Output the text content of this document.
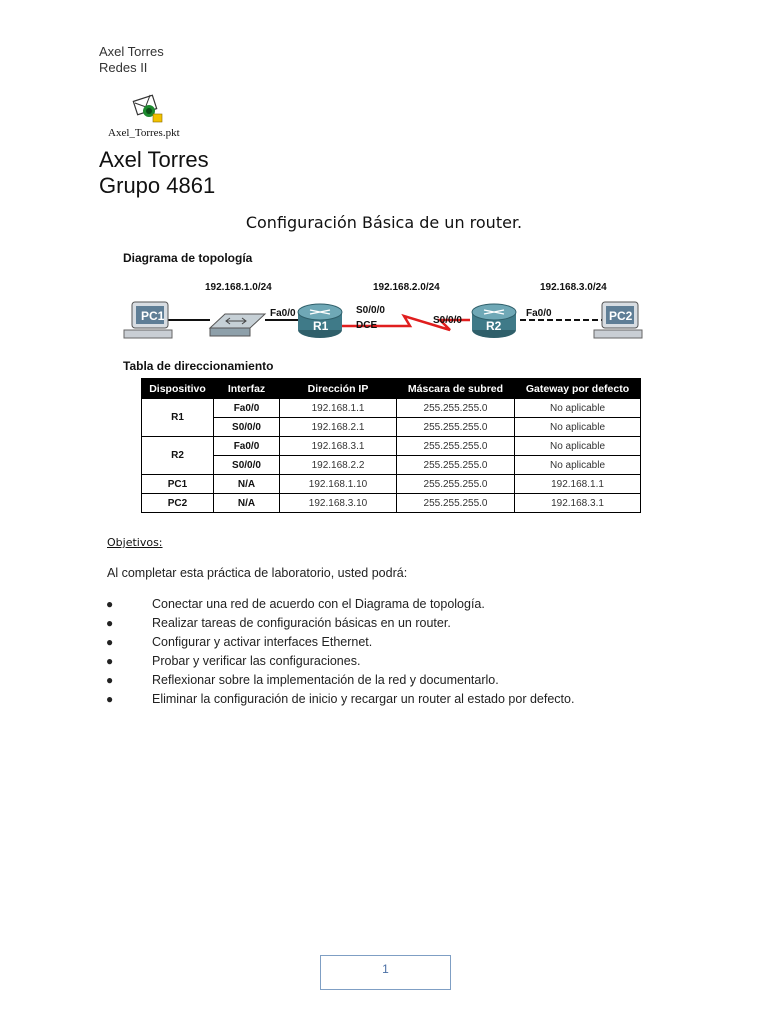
Axel Torres
Redes II
Axel_Torres.pkt
Axel Torres
Grupo 4861
Configuración Básica de un router.
Diagrama de topología
192.168.1.0/24	192.168.2.0/24	192.168.3.0/24
PC1	Fa0/0
R1
S0/0/0
DCE	S0/0/0 R2
Fa0/0	PC2
Tabla de direccionamiento
Dispositivo	Interfaz	Dirección IP	Máscara de subred	Gateway por defecto
R1	Fa0/0	192.168.1.1	255.255.255.0	No aplicable
	S0/0/0	192.168.2.1	255.255.255.0	No aplicable
R2	Fa0/0	192.168.3.1	255.255.255.0	No aplicable
	S0/0/0	192.168.2.2	255.255.255.0	No aplicable
PC1	N/A	192.168.1.10	255.255.255.0	192.168.1.1
PC2	N/A	192.168.3.10	255.255.255.0	192.168.3.1
Objetivos:
Al completar esta práctica de laboratorio, usted podrá:
●	Conectar una red de acuerdo con el Diagrama de topología.
●	Realizar tareas de configuración básicas en un router.
●	Configurar y activar interfaces Ethernet.
●	Probar y verificar las configuraciones.
●	Reflexionar sobre la implementación de la red y documentarlo.
●	Eliminar la configuración de inicio y recargar un router al estado por defecto.
1
